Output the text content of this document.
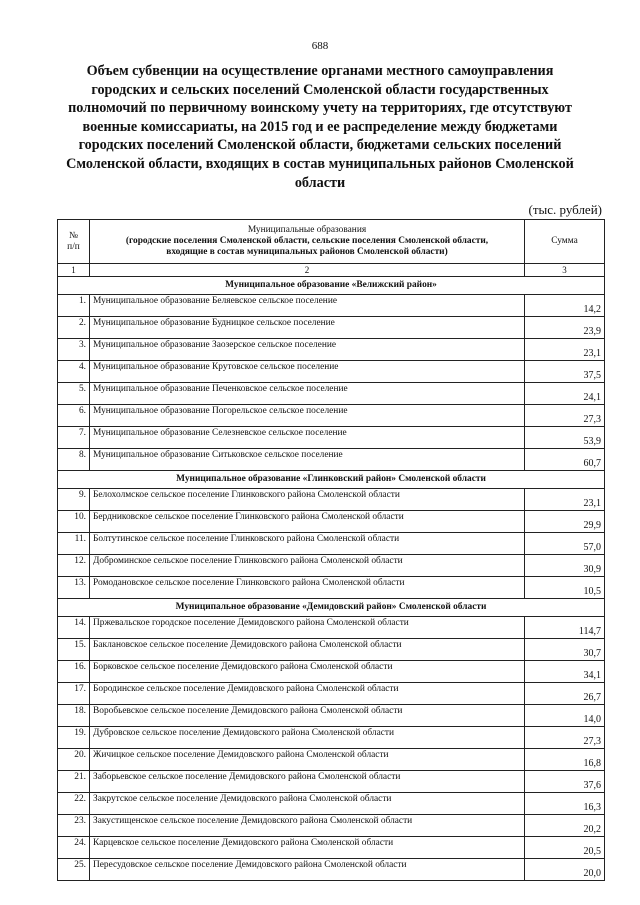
688
Объем субвенции на осуществление органами местного самоуправления
городских и сельских поселений Смоленской области государственных
полномочий по первичному воинскому учету на территориях, где отсутствуют
военные комиссариаты, на 2015 год и ее распределение между бюджетами
городских поселений Смоленской области, бюджетами сельских поселений
Смоленской области, входящих в состав муниципальных районов Смоленской
области
(тыс. рублей)
№
п/п	Муниципальные образования
(городские поселения Смоленской области, сельские поселения Смоленской области,
входящие в состав муниципальных районов Смоленской области)	Сумма
1	2	3
Муниципальное образование «Велижский район»		
1.	Муниципальное образование Беляевское сельское поселение	14,2
2.	Муниципальное образование Будницкое сельское поселение	23,9
3.	Муниципальное образование Заозерское сельское поселение	23,1
4.	Муниципальное образование Крутовское сельское поселение	37,5
5.	Муниципальное образование Печенковское сельское поселение	24,1
6.	Муниципальное образование Погорельское сельское поселение	27,3
7.	Муниципальное образование Селезневское сельское поселение	53,9
8.	Муниципальное образование Ситьковское сельское поселение	60,7
Муниципальное образование «Глинковский район» Смоленской области		
9.	Белохолмское сельское поселение Глинковского района Смоленской области	23,1
10.	Бердниковское сельское поселение Глинковского района Смоленской области	29,9
11.	Болтутинское сельское поселение Глинковского района Смоленской области	57,0
12.	Доброминское сельское поселение Глинковского района Смоленской области	30,9
13.	Ромодановское сельское поселение Глинковского района Смоленской области	10,5
Муниципальное образование «Демидовский район» Смоленской области		
14.	Пржевальское городское поселение Демидовского района Смоленской области	114,7
15.	Баклановское сельское поселение Демидовского района Смоленской области	30,7
16.	Борковское сельское поселение Демидовского района Смоленской области	34,1
17.	Бородинское сельское поселение Демидовского района Смоленской области	26,7
18.	Воробьевское сельское поселение Демидовского района Смоленской области	14,0
19.	Дубровское сельское поселение Демидовского района Смоленской области	27,3
20.	Жичицкое сельское поселение Демидовского района Смоленской области	16,8
21.	Заборьевское сельское поселение Демидовского района Смоленской области	37,6
22.	Закрутское сельское поселение Демидовского района Смоленской области	16,3
23.	Закустищенское сельское поселение Демидовского района Смоленской области	20,2
24.	Карцевское сельское поселение Демидовского района Смоленской области	20,5
25.	Пересудовское сельское поселение Демидовского района Смоленской области	20,0
